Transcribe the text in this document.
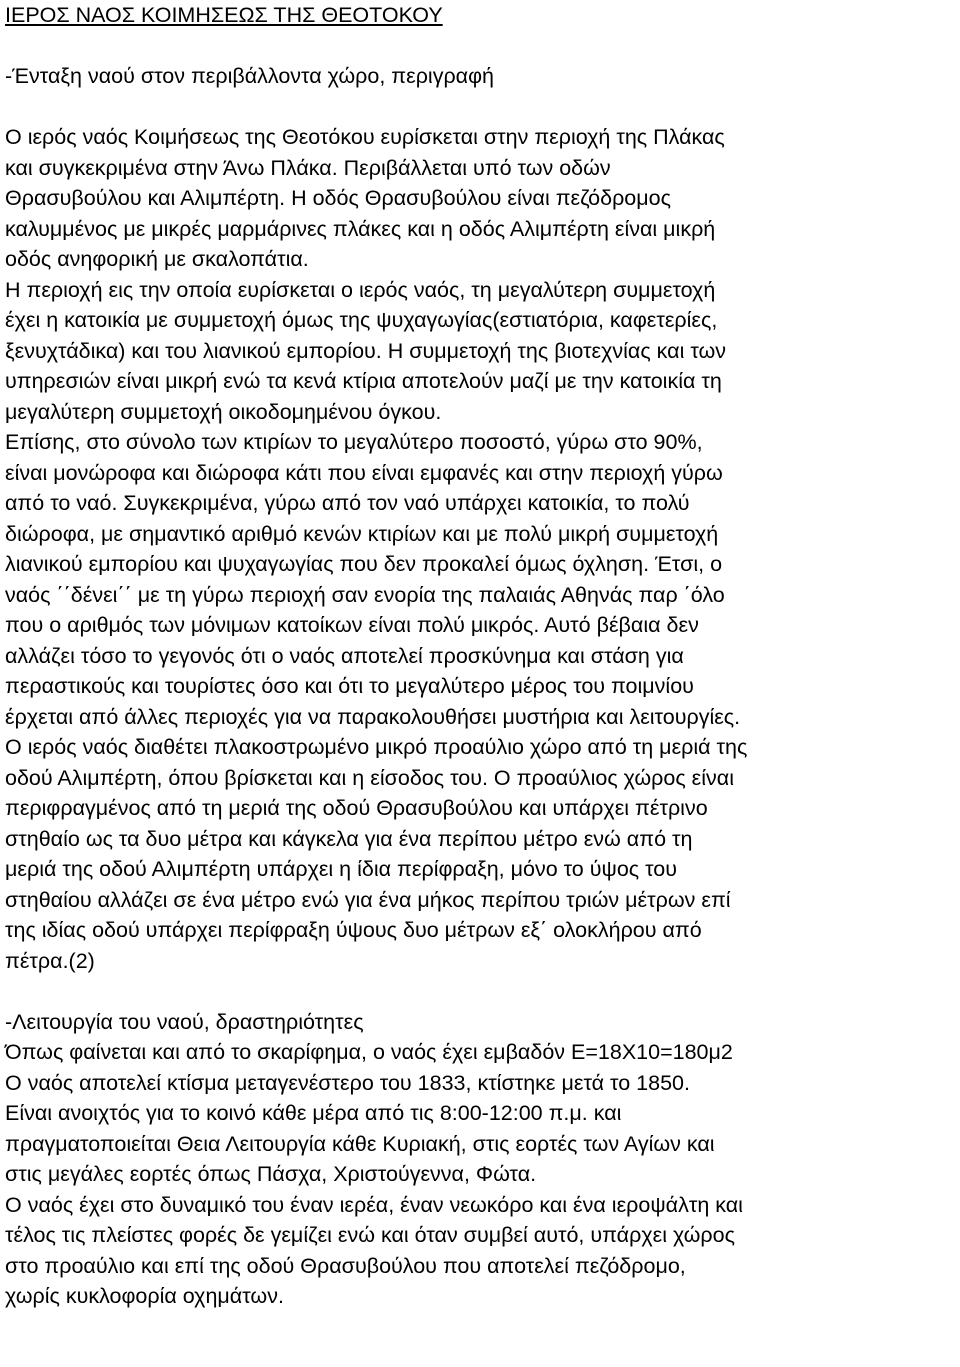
ΙΕΡΟΣ ΝΑΟΣ ΚΟΙΜΗΣΕΩΣ ΤΗΣ ΘΕΟΤΟΚΟΥ
-Ένταξη ναού στον περιβάλλοντα χώρο, περιγραφή
Ο ιερός ναός Κοιμήσεως της Θεοτόκου ευρίσκεται στην περιοχή της Πλάκας
και συγκεκριμένα στην Άνω Πλάκα. Περιβάλλεται υπό των οδών
Θρασυβούλου και Αλιμπέρτη. Η οδός Θρασυβούλου είναι πεζόδρομος
καλυμμένος με μικρές μαρμάρινες πλάκες και η οδός Αλιμπέρτη είναι μικρή
οδός ανηφορική με σκαλοπάτια.
Η περιοχή εις την οποία ευρίσκεται ο ιερός ναός, τη μεγαλύτερη συμμετοχή
έχει η κατοικία με συμμετοχή όμως της ψυχαγωγίας(εστιατόρια, καφετερίες,
ξενυχτάδικα) και του λιανικού εμπορίου. Η συμμετοχή της βιοτεχνίας και των
υπηρεσιών είναι μικρή ενώ τα κενά κτίρια αποτελούν μαζί με την κατοικία τη
μεγαλύτερη συμμετοχή οικοδομημένου όγκου.
Επίσης, στο σύνολο των κτιρίων το μεγαλύτερο ποσοστό, γύρω στο 90%,
είναι μονώροφα και διώροφα κάτι που είναι εμφανές και στην περιοχή γύρω
από το ναό. Συγκεκριμένα, γύρω από τον ναό υπάρχει κατοικία, το πολύ
διώροφα, με σημαντικό αριθμό κενών κτιρίων και με πολύ μικρή συμμετοχή
λιανικού εμπορίου και ψυχαγωγίας που δεν προκαλεί όμως όχληση. Έτσι, ο
ναός ΄΄δένει΄΄ με τη γύρω περιοχή σαν ενορία της παλαιάς Αθηνάς παρ ΄όλο
που ο αριθμός των μόνιμων κατοίκων είναι πολύ μικρός. Αυτό βέβαια δεν
αλλάζει τόσο το γεγονός ότι ο ναός αποτελεί προσκύνημα και στάση για
περαστικούς και τουρίστες όσο και ότι το μεγαλύτερο μέρος του ποιμνίου
έρχεται από άλλες περιοχές για να παρακολουθήσει μυστήρια και λειτουργίες.
Ο ιερός ναός διαθέτει πλακοστρωμένο μικρό προαύλιο χώρο από τη μεριά της
οδού Αλιμπέρτη, όπου βρίσκεται και η είσοδος του. Ο προαύλιος χώρος είναι
περιφραγμένος από τη μεριά της οδού Θρασυβούλου και υπάρχει πέτρινο
στηθαίο ως τα δυο μέτρα και κάγκελα για ένα περίπου μέτρο ενώ από τη
μεριά της οδού Αλιμπέρτη υπάρχει η ίδια περίφραξη, μόνο το ύψος του
στηθαίου αλλάζει σε ένα μέτρο ενώ για ένα μήκος περίπου τριών μέτρων επί
της ιδίας οδού υπάρχει περίφραξη ύψους δυο μέτρων εξ΄ ολοκλήρου από
πέτρα.(2)
-Λειτουργία του ναού, δραστηριότητες
Όπως φαίνεται και από το σκαρίφημα, ο ναός έχει εμβαδόν Ε=18Χ10=180μ2
Ο ναός αποτελεί κτίσμα μεταγενέστερο του 1833, κτίστηκε μετά το 1850.
Είναι ανοιχτός για το κοινό κάθε μέρα από τις 8:00-12:00 π.μ. και
πραγματοποιείται Θεια Λειτουργία κάθε Κυριακή, στις εορτές των Αγίων και
στις μεγάλες εορτές όπως Πάσχα, Χριστούγεννα, Φώτα.
Ο ναός έχει στο δυναμικό του έναν ιερέα, έναν νεωκόρο και ένα ιεροψάλτη και
τέλος τις πλείστες φορές δε γεμίζει ενώ και όταν συμβεί αυτό, υπάρχει χώρος
στο προαύλιο και επί της οδού Θρασυβούλου που αποτελεί πεζόδρομο,
χωρίς κυκλοφορία οχημάτων.
